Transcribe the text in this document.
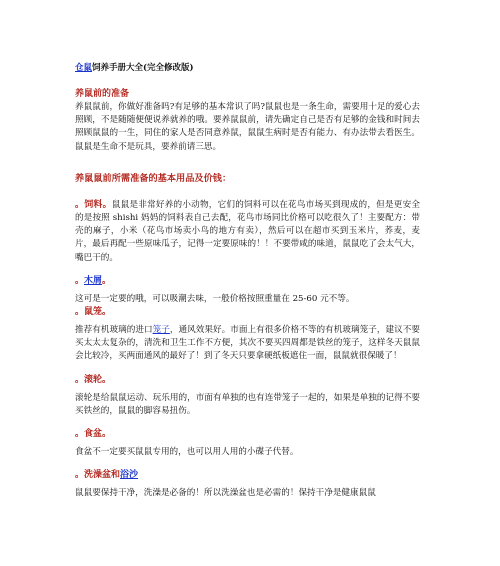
仓鼠饲养手册大全(完全修改版)
养鼠前的准备

养鼠鼠前，你做好准备吗?有足够的基本常识了吗?鼠鼠也是一条生命，需要用十足的爱心去照顾，不是随随便便说养就养的哦。要养鼠鼠前，请先确定自己是否有足够的金钱和时间去照顾鼠鼠的一生，同住的家人是否同意养鼠，鼠鼠生病时是否有能力、有办法带去看医生。鼠鼠是生命不是玩具，要养前请三思。

养鼠鼠前所需准备的基本用品及价钱：

。饲料。鼠鼠是非常好养的小动物，它们的饲料可以在花鸟市场买到现成的，但是更安全的是按照 shishi 妈妈的饲料表自己去配，花鸟市场同比价格可以吃很久了！主要配方：带壳的麻子，小米（花鸟市场卖小鸟的地方有卖），然后可以在超市买到玉米片，荞麦，麦片，最后再配一些原味瓜子，记得一定要原味的！！不要带咸的味道，鼠鼠吃了会太气大，嘴巴干的。

。木屑。

这可是一定要的哦，可以吸潮去味，一般价格按照重量在 25-60 元不等。

。鼠笼。

推荐有机玻璃的进口笼子，通风效果好。市面上有很多价格不等的有机玻璃笼子，建议不要买太太太复杂的，清洗和卫生工作不方便，其次不要买四周都是铁丝的笼子，这样冬天鼠鼠会比较冷，买两面通风的最好了！到了冬天只要拿硬纸板遮住一面，鼠鼠就很保暖了！

。滚轮。

滚轮是给鼠鼠运动、玩乐用的，市面有单独的也有连带笼子一起的，如果是单独的记得不要买铁丝的，鼠鼠的脚容易扭伤。

。食盆。

食盆不一定要买鼠鼠专用的，也可以用人用的小碟子代替。

。洗澡盆和浴沙

鼠鼠要保持干净，洗澡是必备的！所以洗澡盆也是必需的！保持干净是健康鼠鼠
